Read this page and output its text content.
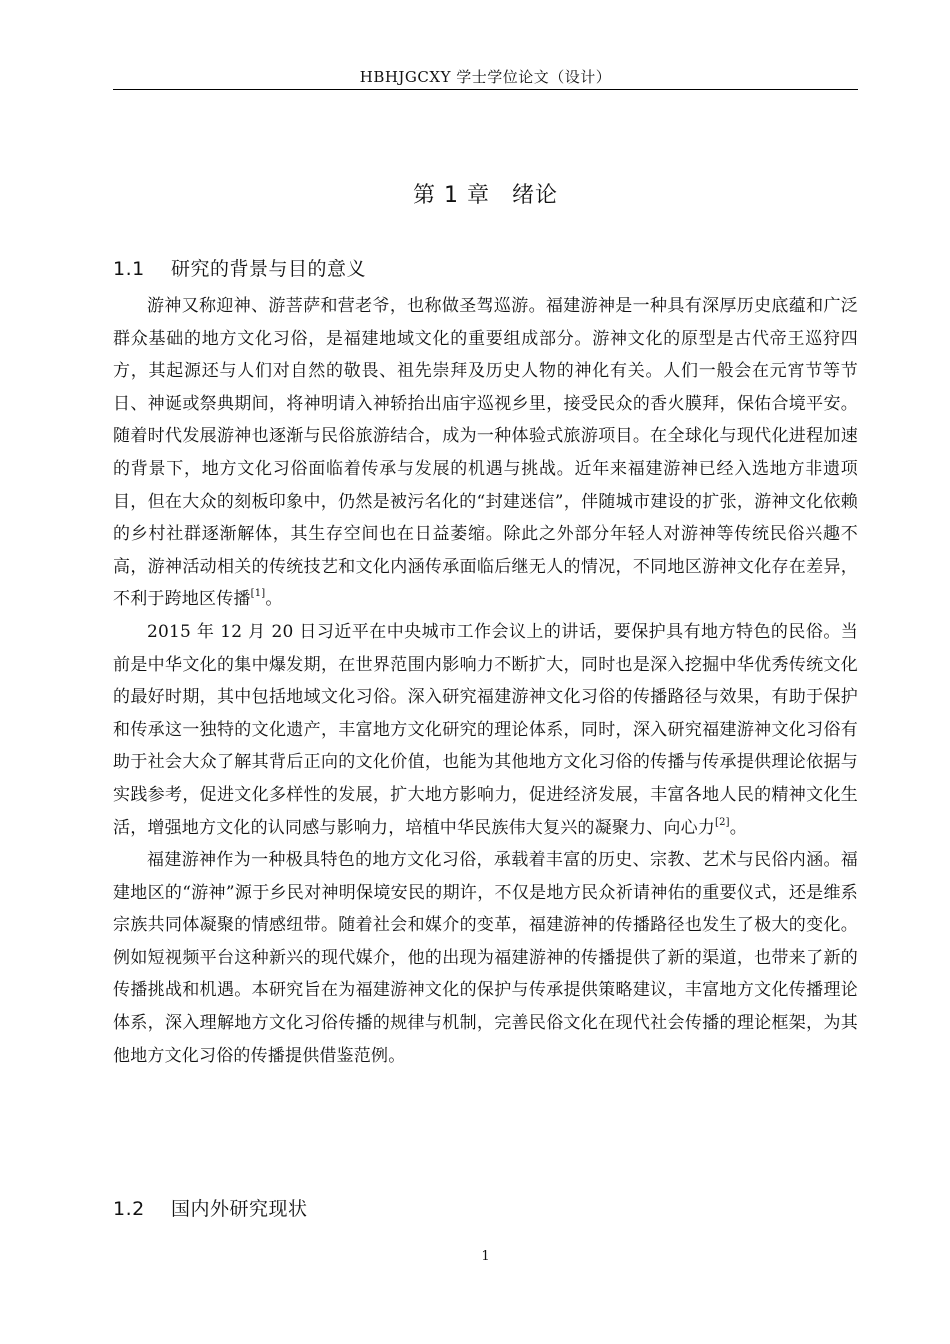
HBHJGCXY 学士学位论文（设计）
第 1 章 绪论
1.1 研究的背景与目的意义

游神又称迎神、游菩萨和营老爷，也称做圣驾巡游。福建游神是一种具有深厚历史底蕴和广泛群众基础的地方文化习俗，是福建地域文化的重要组成部分。游神文化的原型是古代帝王巡狩四方，其起源还与人们对自然的敬畏、祖先崇拜及历史人物的神化有关。人们一般会在元宵节等节日、神诞或祭典期间，将神明请入神轿抬出庙宇巡视乡里，接受民众的香火膜拜，保佑合境平安。随着时代发展游神也逐渐与民俗旅游结合，成为一种体验式旅游项目。在全球化与现代化进程加速的背景下，地方文化习俗面临着传承与发展的机遇与挑战。近年来福建游神已经入选地方非遗项目，但在大众的刻板印象中，仍然是被污名化的“封建迷信”，伴随城市建设的扩张，游神文化依赖的乡村社群逐渐解体，其生存空间也在日益萎缩。除此之外部分年轻人对游神等传统民俗兴趣不高，游神活动相关的传统技艺和文化内涵传承面临后继无人的情况，不同地区游神文化存在差异，不利于跨地区传播[1]。

2015 年 12 月 20 日习近平在中央城市工作会议上的讲话，要保护具有地方特色的民俗。当前是中华文化的集中爆发期，在世界范围内影响力不断扩大，同时也是深入挖掘中华优秀传统文化的最好时期，其中包括地域文化习俗。深入研究福建游神文化习俗的传播路径与效果，有助于保护和传承这一独特的文化遗产，丰富地方文化研究的理论体系，同时，深入研究福建游神文化习俗有助于社会大众了解其背后正向的文化价值，也能为其他地方文化习俗的传播与传承提供理论依据与实践参考，促进文化多样性的发展，扩大地方影响力，促进经济发展，丰富各地人民的精神文化生活，增强地方文化的认同感与影响力，培植中华民族伟大复兴的凝聚力、向心力[2]。

福建游神作为一种极具特色的地方文化习俗，承载着丰富的历史、宗教、艺术与民俗内涵。福建地区的“游神”源于乡民对神明保境安民的期许，不仅是地方民众祈请神佑的重要仪式，还是维系宗族共同体凝聚的情感纽带。随着社会和媒介的变革，福建游神的传播路径也发生了极大的变化。例如短视频平台这种新兴的现代媒介，他的出现为福建游神的传播提供了新的渠道，也带来了新的传播挑战和机遇。本研究旨在为福建游神文化的保护与传承提供策略建议，丰富地方文化传播理论体系，深入理解地方文化习俗传播的规律与机制，完善民俗文化在现代社会传播的理论框架，为其他地方文化习俗的传播提供借鉴范例。

1.2 国内外研究现状
1
